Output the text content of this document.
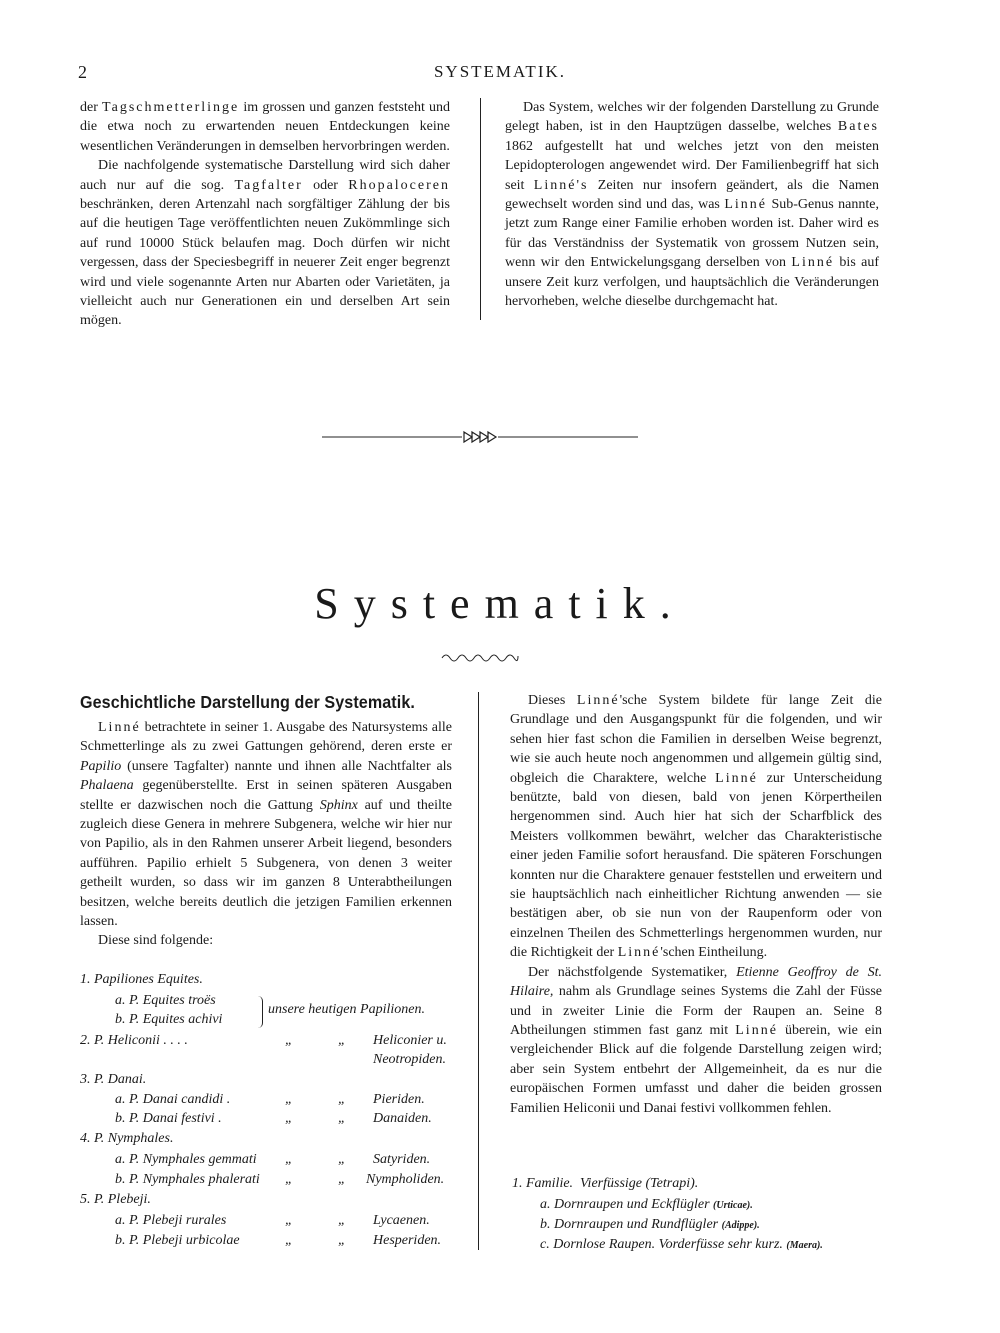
2	SYSTEMATIK.

der Tagschmetterlinge im grossen und ganzen feststeht und die etwa noch zu erwartenden neuen Entdeckungen keine wesentlichen Veränderungen in demselben hervorbringen werden.

Die nachfolgende systematische Darstellung wird sich daher auch nur auf die sog. Tagfalter oder Rhopaloceren beschränken, deren Artenzahl nach sorgfältiger Zählung der bis auf die heutigen Tage veröffentlichten neuen Zukömmlinge sich auf rund 10000 Stück belaufen mag. Doch dürfen wir nicht vergessen, dass der Speciesbegriff in neuerer Zeit enger begrenzt wird und viele sogenannte Arten nur Abarten oder Varietäten, ja vielleicht auch nur Generationen ein und derselben Art sein mögen.

Das System, welches wir der folgenden Darstellung zu Grunde gelegt haben, ist in den Hauptzügen dasselbe, welches Bates 1862 aufgestellt hat und welches jetzt von den meisten Lepidopterologen angewendet wird. Der Familienbegriff hat sich seit Linné's Zeiten nur insofern geändert, als die Namen gewechselt worden sind und das, was Linné Sub-Genus nannte, jetzt zum Range einer Familie erhoben worden ist. Daher wird es für das Verständniss der Systematik von grossem Nutzen sein, wenn wir den Entwickelungsgang derselben von Linné bis auf unsere Zeit kurz verfolgen, und hauptsächlich die Veränderungen hervorheben, welche dieselbe durchgemacht hat.

Systematik.
Geschichtliche Darstellung der Systematik.

Linné betrachtete in seiner 1. Ausgabe des Natursystems alle Schmetterlinge als zu zwei Gattungen gehörend, deren erste er Papilio (unsere Tagfalter) nannte und ihnen alle Nachtfalter als Phalaena gegenüberstellte. Erst in seinen späteren Ausgaben stellte er dazwischen noch die Gattung Sphinx auf und theilte zugleich diese Genera in mehrere Subgenera, welche wir hier nur von Papilio, als in den Rahmen unserer Arbeit liegend, besonders aufführen. Papilio erhielt 5 Subgenera, von denen 3 weiter getheilt wurden, so dass wir im ganzen 8 Unterabtheilungen besitzen, welche bereits deutlich die jetzigen Familien erkennen lassen.

Diese sind folgende:

1. Papiliones Equites.
a. P. Equites troës
b. P. Equites achivi
unsere heutigen Papilionen.
2. P. Heliconii . . . .	„	„ Heliconier u.
Neotropiden.
3. P. Danai.
a. P. Danai candidi .	„	„ Pieriden.
b. P. Danai festivi .	„	„ Danaiden.
4. P. Nymphales.
a. P. Nymphales gemmati „	„ Satyriden.
b. P. Nymphales phalerati „	„ Nympholiden.
5. P. Plebeji.
a. P. Plebeji rurales	„	„ Lycaenen.
b. P. Plebeji urbicolae	„	„ Hesperiden.

Dieses Linné'sche System bildete für lange Zeit die Grundlage und den Ausgangspunkt für die folgenden, und wir sehen hier fast schon die Familien in derselben Weise begrenzt, wie sie auch heute noch angenommen und allgemein gültig sind, obgleich die Charaktere, welche Linné zur Unterscheidung benützte, bald von diesen, bald von jenen Körpertheilen hergenommen sind. Auch hier hat sich der Scharfblick des Meisters vollkommen bewährt, welcher das Charakteristische einer jeden Familie sofort herausfand. Die späteren Forschungen konnten nur die Charaktere genauer feststellen und erweitern und sie hauptsächlich nach einheitlicher Richtung anwenden — sie bestätigen aber, ob sie nun von der Raupenform oder von einzelnen Theilen des Schmetterlings hergenommen wurden, nur die Richtigkeit der Linné'schen Eintheilung.

Der nächstfolgende Systematiker, Etienne Geoffroy de St. Hilaire, nahm als Grundlage seines Systems die Zahl der Füsse und in zweiter Linie die Form der Raupen an. Seine 8 Abtheilungen stimmen fast ganz mit Linné überein, wie ein vergleichender Blick auf die folgende Darstellung zeigen wird; aber sein System entbehrt der Allgemeinheit, da es nur die europäischen Formen umfasst und daher die beiden grossen Familien Heliconii und Danai festivi vollkommen fehlen.

1. Familie. Vierfüssige (Tetrapi).
a. Dornraupen und Eckflügler (Urticae).
b. Dornraupen und Rundflügler (Adippe).
c. Dornlose Raupen. Vorderfüsse sehr kurz. (Maera).
